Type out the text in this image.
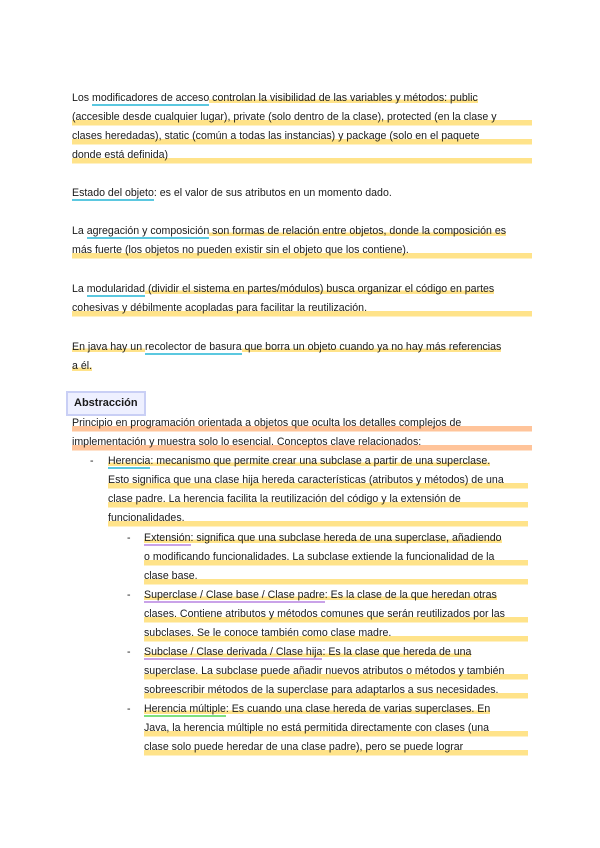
Los modificadores de acceso controlan la visibilidad de las variables y métodos: public
(accesible desde cualquier lugar), private (solo dentro de la clase), protected (en la clase y
clases heredadas), static (común a todas las instancias) y package (solo en el paquete
donde está definida)
Estado del objeto: es el valor de sus atributos en un momento dado.
La agregación y composición son formas de relación entre objetos, donde la composición es
más fuerte (los objetos no pueden existir sin el objeto que los contiene).
La modularidad (dividir el sistema en partes/módulos) busca organizar el código en partes
cohesivas y débilmente acopladas para facilitar la reutilización.
En java hay un recolector de basura que borra un objeto cuando ya no hay más referencias
a él.
Abstracción
Principio en programación orientada a objetos que oculta los detalles complejos de
implementación y muestra solo lo esencial. Conceptos clave relacionados:
- Herencia: mecanismo que permite crear una subclase a partir de una superclase.
Esto significa que una clase hija hereda características (atributos y métodos) de una
clase padre. La herencia facilita la reutilización del código y la extensión de
funcionalidades.
- Extensión: significa que una subclase hereda de una superclase, añadiendo
o modificando funcionalidades. La subclase extiende la funcionalidad de la
clase base.
- Superclase / Clase base / Clase padre: Es la clase de la que heredan otras
clases. Contiene atributos y métodos comunes que serán reutilizados por las
subclases. Se le conoce también como clase madre.
- Subclase / Clase derivada / Clase hija: Es la clase que hereda de una
superclase. La subclase puede añadir nuevos atributos o métodos y también
sobreescribir métodos de la superclase para adaptarlos a sus necesidades.
- Herencia múltiple: Es cuando una clase hereda de varias superclases. En
Java, la herencia múltiple no está permitida directamente con clases (una
clase solo puede heredar de una clase padre), pero se puede lograr
